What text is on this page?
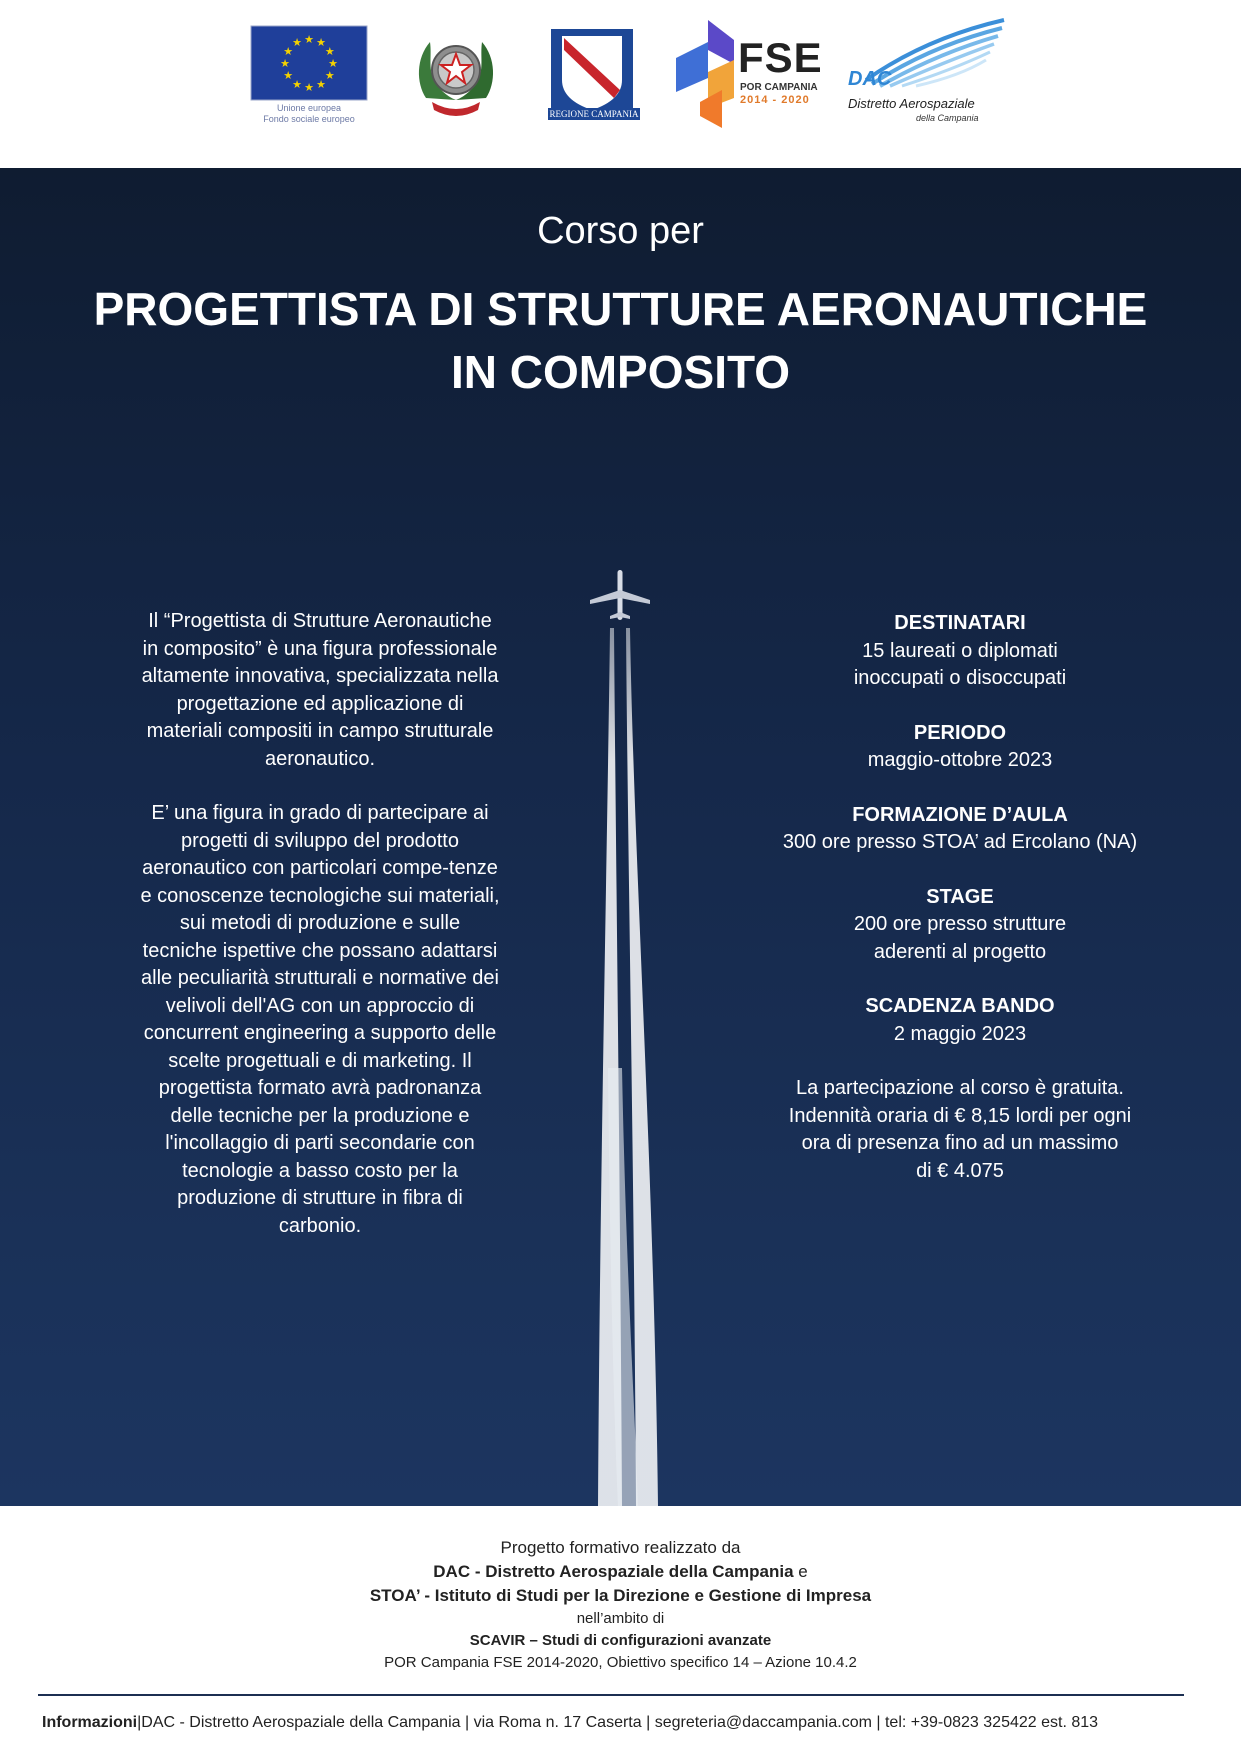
★ ★
★
★
★
★
★
★
★
★
★
★
Unione europea
Fondo sociale europeo	REGIONE CAMPANIA
FSE
POR CAMPANIA
2014 - 2020
DAC
Distretto Aerospaziale
della Campania
Corso per
PROGETTISTA DI STRUTTURE AERONAUTICHE
IN COMPOSITO

Il “Progettista di Strutture Aeronautiche in composito” è una figura professionale altamente innovativa, specializzata nella progettazione ed applicazione di materiali compositi in campo strutturale aeronautico.

E’ una figura in grado di partecipare ai progetti di sviluppo del prodotto aeronautico con particolari compe-tenze e conoscenze tecnologiche sui materiali, sui metodi di produzione e sulle tecniche ispettive che possano adattarsi alle peculiarità strutturali e normative dei velivoli dell'AG con un approccio di concurrent engineering a supporto delle scelte progettuali e di marketing. Il progettista formato avrà padronanza delle tecniche per la produzione e l'incollaggio di parti secondarie con tecnologie a basso costo per la produzione di strutture in fibra di carbonio.

DESTINATARI
15 laureati o diplomati
inoccupati o disoccupati
PERIODO
maggio-ottobre 2023
FORMAZIONE D’AULA
300 ore presso STOA’ ad Ercolano (NA)
STAGE
200 ore presso strutture
aderenti al progetto
SCADENZA BANDO
2 maggio 2023
La partecipazione al corso è gratuita.
Indennità oraria di € 8,15 lordi per ogni
ora di presenza fino ad un massimo
di € 4.075
Progetto formativo realizzato da
DAC - Distretto Aerospaziale della Campania e
STOA’ - Istituto di Studi per la Direzione e Gestione di Impresa
nell’ambito di
SCAVIR – Studi di configurazioni avanzate
POR Campania FSE 2014-2020, Obiettivo specifico 14 – Azione 10.4.2
Informazioni|DAC - Distretto Aerospaziale della Campania | via Roma n. 17 Caserta | segreteria@daccampania.com | tel: +39-0823 325422 est. 813
